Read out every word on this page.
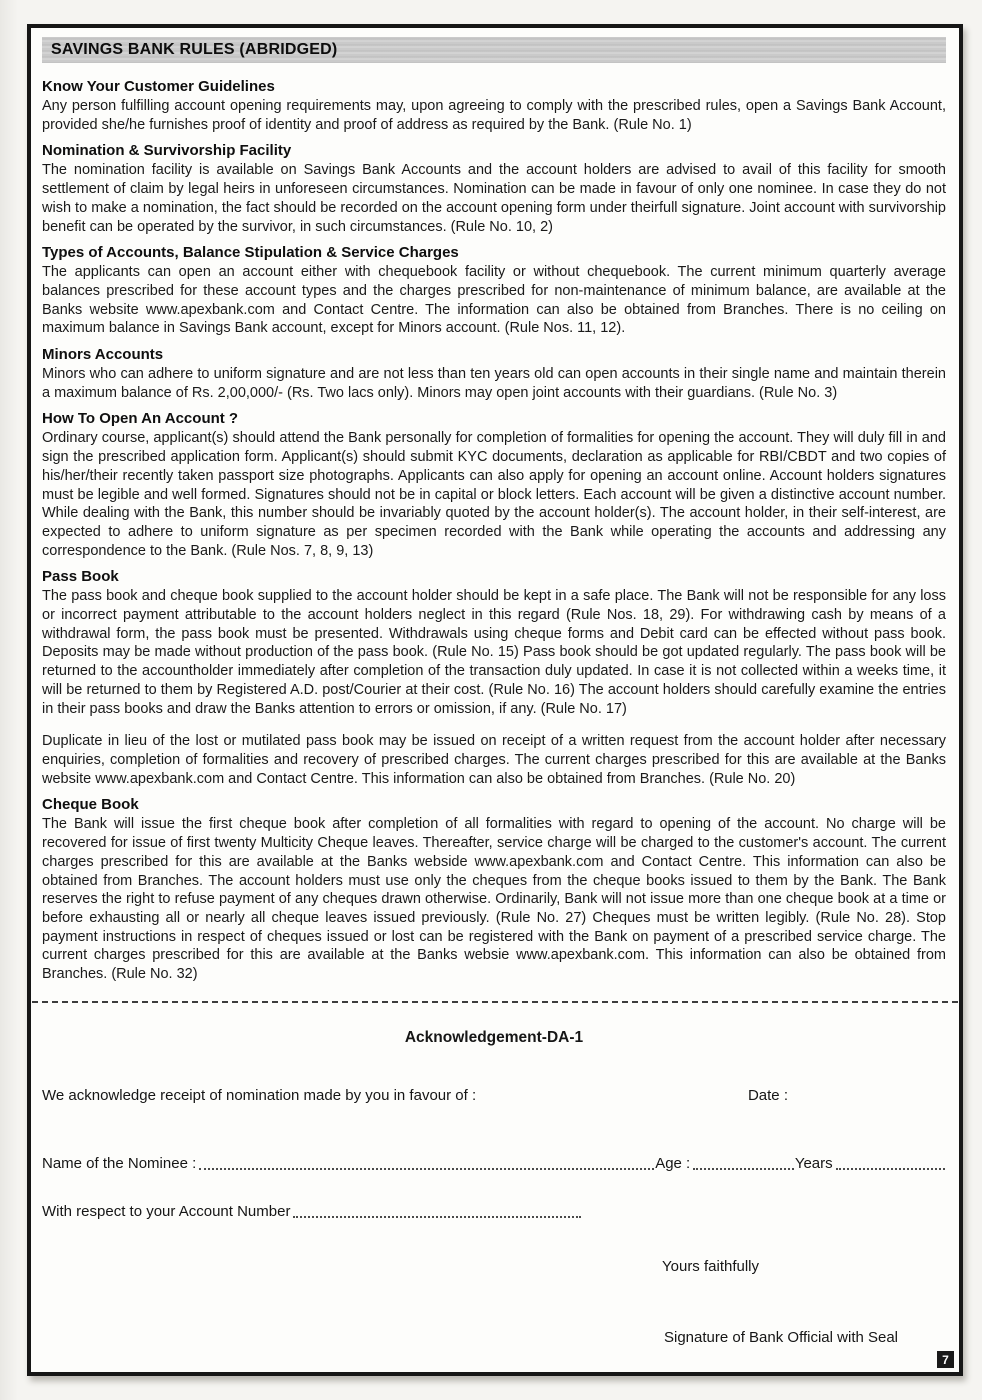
SAVINGS BANK RULES (ABRIDGED)
Know Your Customer Guidelines

Any person fulfilling account opening requirements may, upon agreeing to comply with the prescribed rules, open a Savings Bank Account, provided she/he furnishes proof of identity and proof of address as required by the Bank. (Rule No. 1)

Nomination & Survivorship Facility

The nomination facility is available on Savings Bank Accounts and the account holders are advised to avail of this facility for smooth settlement of claim by legal heirs in unforeseen circumstances. Nomination can be made in favour of only one nominee. In case they do not wish to make a nomination, the fact should be recorded on the account opening form under theirfull signature. Joint account with survivorship benefit can be operated by the survivor, in such circumstances. (Rule No. 10, 2)

Types of Accounts, Balance Stipulation & Service Charges

The applicants can open an account either with chequebook facility or without chequebook. The current minimum quarterly average balances prescribed for these account types and the charges prescribed for non-maintenance of minimum balance, are available at the Banks website www.apexbank.com and Contact Centre. The information can also be obtained from Branches. There is no ceiling on maximum balance in Savings Bank account, except for Minors account. (Rule Nos. 11, 12).

Minors Accounts

Minors who can adhere to uniform signature and are not less than ten years old can open accounts in their single name and maintain therein a maximum balance of Rs. 2,00,000/- (Rs. Two lacs only). Minors may open joint accounts with their guardians. (Rule No. 3)

How To Open An Account ?

Ordinary course, applicant(s) should attend the Bank personally for completion of formalities for opening the account. They will duly fill in and sign the prescribed application form. Applicant(s) should submit KYC documents, declaration as applicable for RBI/CBDT and two copies of his/her/their recently taken passport size photographs. Applicants can also apply for opening an account online. Account holders signatures must be legible and well formed. Signatures should not be in capital or block letters. Each account will be given a distinctive account number. While dealing with the Bank, this number should be invariably quoted by the account holder(s). The account holder, in their self-interest, are expected to adhere to uniform signature as per specimen recorded with the Bank while operating the accounts and addressing any correspondence to the Bank. (Rule Nos. 7, 8, 9, 13)

Pass Book

The pass book and cheque book supplied to the account holder should be kept in a safe place. The Bank will not be responsible for any loss or incorrect payment attributable to the account holders neglect in this regard (Rule Nos. 18, 29). For withdrawing cash by means of a withdrawal form, the pass book must be presented. Withdrawals using cheque forms and Debit card can be effected without pass book. Deposits may be made without production of the pass book. (Rule No. 15) Pass book should be got updated regularly. The pass book will be returned to the accountholder immediately after completion of the transaction duly updated. In case it is not collected within a weeks time, it will be returned to them by Registered A.D. post/Courier at their cost. (Rule No. 16) The account holders should carefully examine the entries in their pass books and draw the Banks attention to errors or omission, if any. (Rule No. 17)

Duplicate in lieu of the lost or mutilated pass book may be issued on receipt of a written request from the account holder after necessary enquiries, completion of formalities and recovery of prescribed charges. The current charges prescribed for this are available at the Banks website www.apexbank.com and Contact Centre. This information can also be obtained from Branches. (Rule No. 20)

Cheque Book

The Bank will issue the first cheque book after completion of all formalities with regard to opening of the account. No charge will be recovered for issue of first twenty Multicity Cheque leaves. Thereafter, service charge will be charged to the customer's account. The current charges prescribed for this are available at the Banks webside www.apexbank.com and Contact Centre. This information can also be obtained from Branches. The account holders must use only the cheques from the cheque books issued to them by the Bank. The Bank reserves the right to refuse payment of any cheques drawn otherwise. Ordinarily, Bank will not issue more than one cheque book at a time or before exhausting all or nearly all cheque leaves issued previously. (Rule No. 27) Cheques must be written legibly. (Rule No. 28). Stop payment instructions in respect of cheques issued or lost can be registered with the Bank on payment of a prescribed service charge. The current charges prescribed for this are available at the Banks websie www.apexbank.com. This information can also be obtained from Branches. (Rule No. 32)

Acknowledgement-DA-1
We acknowledge receipt of nomination made by you in favour of :	Date :
Name of the Nominee :	Age :	Years
With respect to your Account Number
Yours faithfully
Signature of Bank Official with Seal
7
